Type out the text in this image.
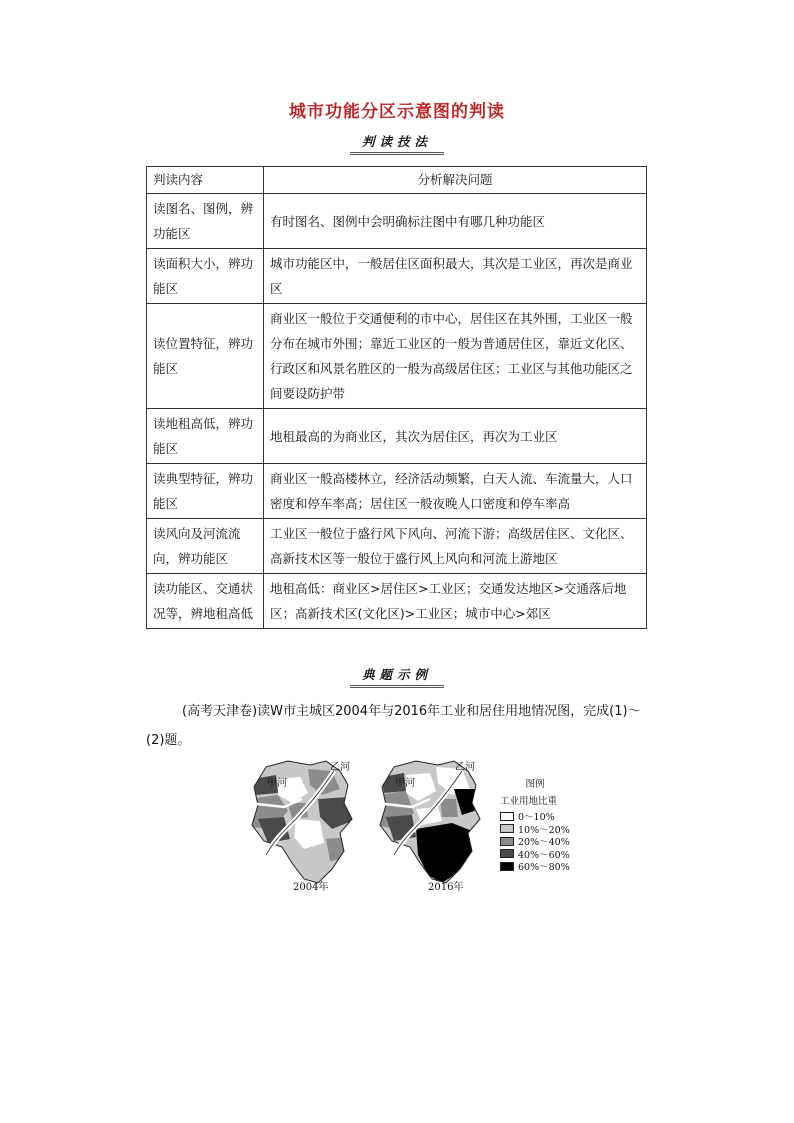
城市功能分区示意图的判读
判读技法
判读内容	分析解决问题
读图名、图例，辨功能区	有时图名、图例中会明确标注图中有哪几种功能区
读面积大小，辨功能区	城市功能区中，一般居住区面积最大，其次是工业区，再次是商业区
读位置特征，辨功能区	商业区一般位于交通便利的市中心，居住区在其外围，工业区一般分布在城市外围；靠近工业区的一般为普通居住区，靠近文化区、行政区和风景名胜区的一般为高级居住区；工业区与其他功能区之间要设防护带
读地租高低，辨功能区	地租最高的为商业区，其次为居住区，再次为工业区
读典型特征，辨功能区	商业区一般高楼林立，经济活动频繁，白天人流、车流量大，人口密度和停车率高；居住区一般夜晚人口密度和停车率高
读风向及河流流向，辨功能区	工业区一般位于盛行风下风向、河流下游；高级居住区、文化区、高新技术区等一般位于盛行风上风向和河流上游地区
读功能区、交通状况等，辨地租高低	地租高低：商业区>居住区>工业区；交通发达地区>交通落后地区；高新技术区(文化区)>工业区；城市中心>郊区
典题示例
(高考天津卷)读W市主城区2004年与2016年工业和居住用地情况图，完成(1)～(2)题。
甲河
乙河
甲河
乙河
2004年	2016年
图例
工业用地比重
0～10%
10%～20%
20%～40%
40%～60%
60%～80%
